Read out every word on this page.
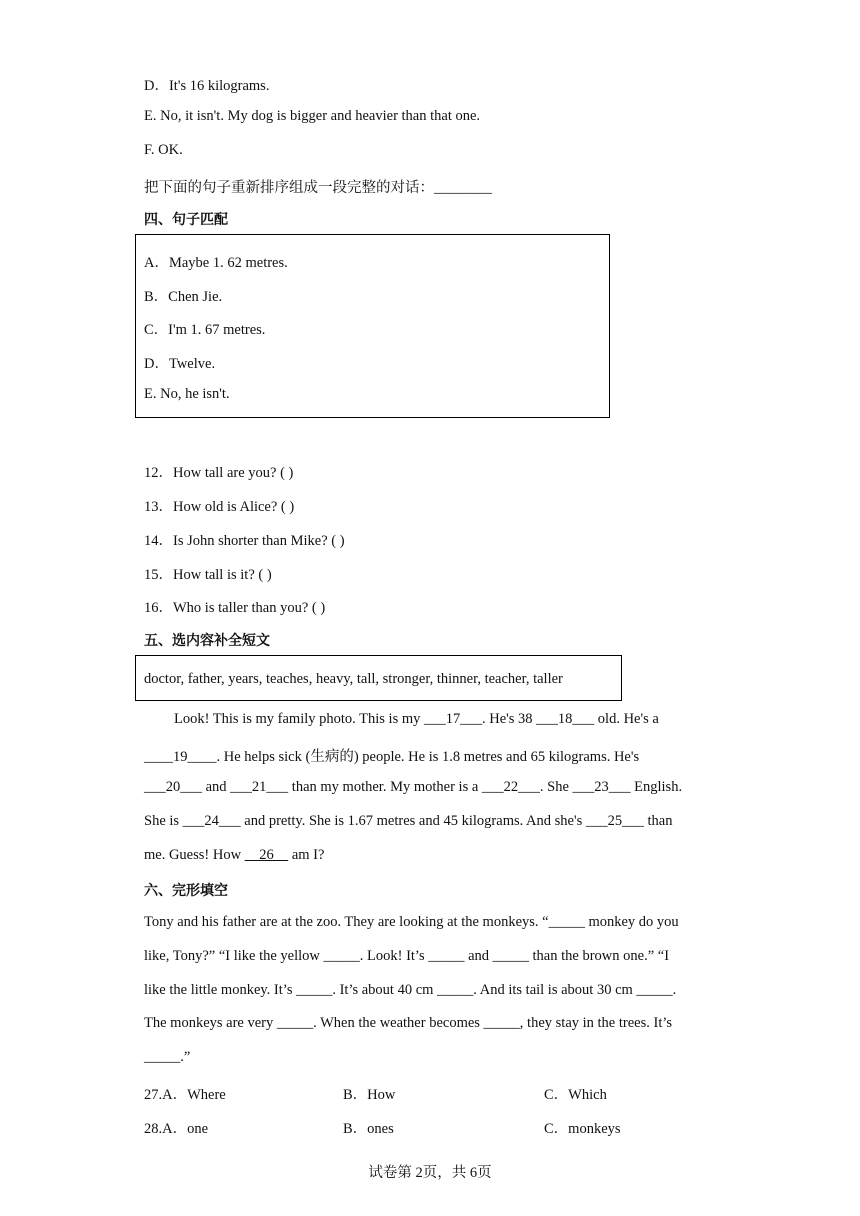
D．It's 16 kilograms.
E. No, it isn't. My dog is bigger and heavier than that one.
F. OK.
把下面的句子重新排序组成一段完整的对话：________
四、句子匹配
A．Maybe 1. 62 metres.
B．Chen Jie.
C．I'm 1. 67 metres.
D．Twelve.
E. No, he isn't.
12．How tall are you? ( )
13．How old is Alice? ( )
14．Is John shorter than Mike? ( )
15．How tall is it? ( )
16．Who is taller than you? ( )
五、选内容补全短文
doctor, father, years, teaches, heavy, tall, stronger, thinner, teacher, taller
Look! This is my family photo. This is my ___17___. He's 38 ___18___ old. He's a
____19____. He helps sick (生病的) people. He is 1.8 metres and 65 kilograms. He's
___20___ and ___21___ than my mother. My mother is a ___22___. She ___23___ English.
She is ___24___ and pretty. She is 1.67 metres and 45 kilograms. And she's ___25___ than
me. Guess! How     26     am I?
六、完形填空
Tony and his father are at the zoo. They are looking at the monkeys. “_____ monkey do you
like, Tony?” “I like the yellow _____. Look! It’s _____ and _____ than the brown one.” “I
like the little monkey. It’s _____. It’s about 40 cm _____. And its tail is about 30 cm _____.
The monkeys are very _____. When the weather becomes _____, they stay in the trees. It’s
_____.”
27.A．Where	B．How	C．Which
28.A．one	B．ones	C．monkeys
试卷第 2页，共 6页
